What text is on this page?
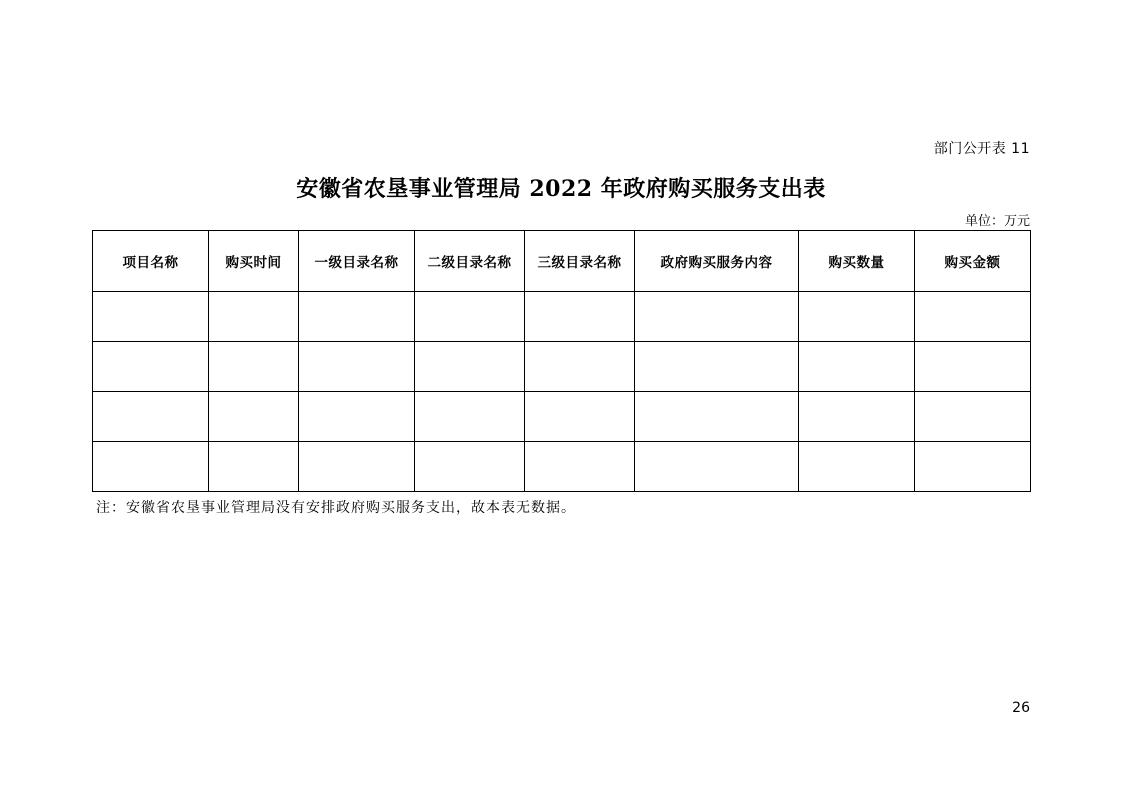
部门公开表 11
安徽省农垦事业管理局 2022 年政府购买服务支出表
单位：万元
项目名称	购买时间	一级目录名称	二级目录名称	三级目录名称	政府购买服务内容	购买数量	购买金额

注：安徽省农垦事业管理局没有安排政府购买服务支出，故本表无数据。
26
